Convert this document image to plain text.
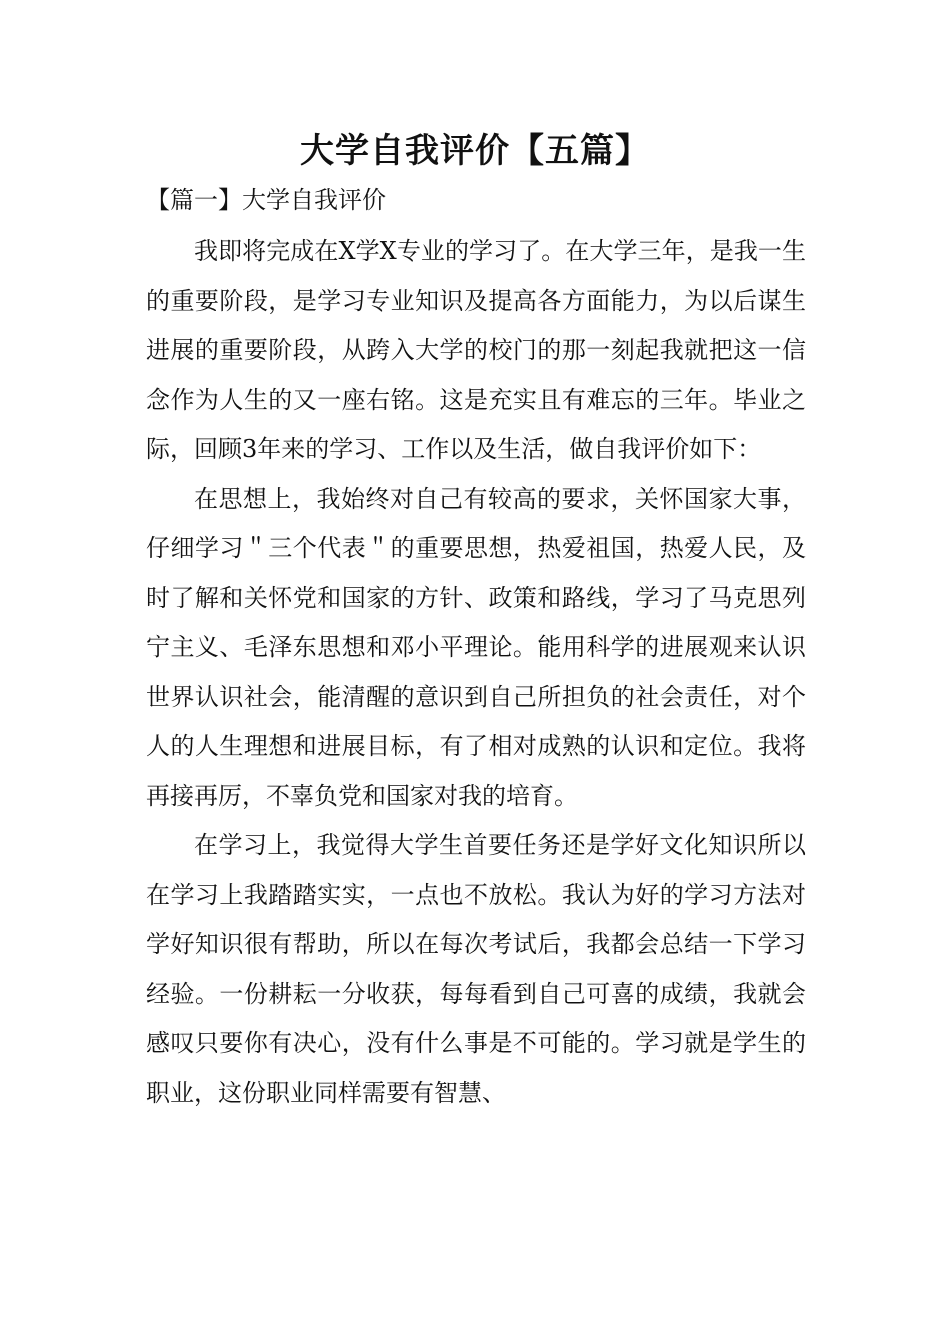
大学自我评价【五篇】

【篇一】大学自我评价

我即将完成在X学X专业的学习了。在大学三年，是我一生的重要阶段，是学习专业知识及提高各方面能力，为以后谋生进展的重要阶段，从跨入大学的校门的那一刻起我就把这一信念作为人生的又一座右铭。这是充实且有难忘的三年。毕业之际，回顾3年来的学习、工作以及生活，做自我评价如下：

在思想上，我始终对自己有较高的要求，关怀国家大事，仔细学习＂三个代表＂的重要思想，热爱祖国，热爱人民，及时了解和关怀党和国家的方针、政策和路线，学习了马克思列宁主义、毛泽东思想和邓小平理论。能用科学的进展观来认识世界认识社会，能清醒的意识到自己所担负的社会责任，对个人的人生理想和进展目标，有了相对成熟的认识和定位。我将再接再厉，不辜负党和国家对我的培育。

在学习上，我觉得大学生首要任务还是学好文化知识所以在学习上我踏踏实实，一点也不放松。我认为好的学习方法对学好知识很有帮助，所以在每次考试后，我都会总结一下学习经验。一份耕耘一分收获，每每看到自己可喜的成绩，我就会感叹只要你有决心，没有什么事是不可能的。学习就是学生的职业，这份职业同样需要有智慧、
